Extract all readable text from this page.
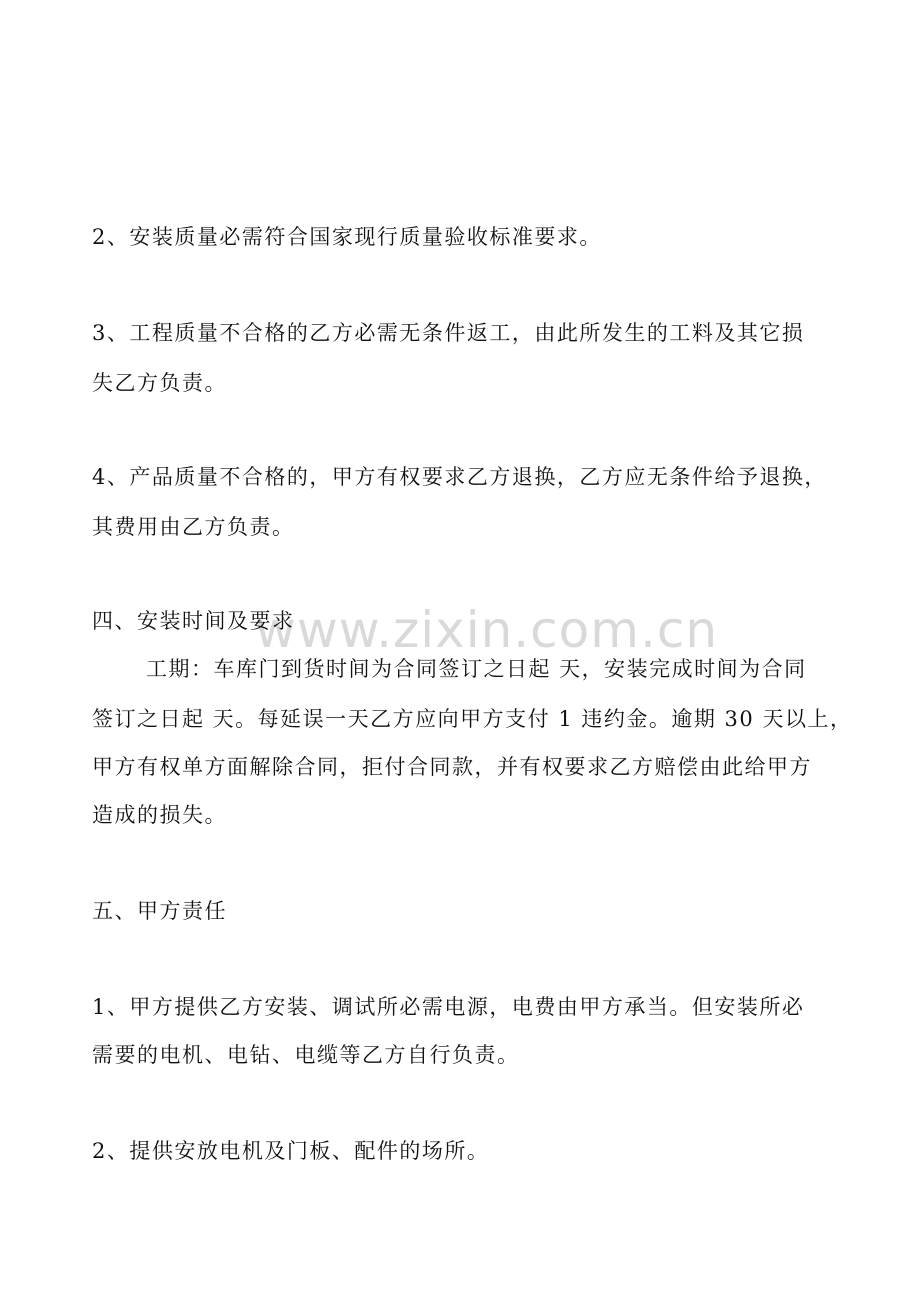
www.zixin.com.cn
2、安装质量必需符合国家现行质量验收标准要求。
3、工程质量不合格的乙方必需无条件返工，由此所发生的工料及其它损
失乙方负责。
4、产品质量不合格的，甲方有权要求乙方退换，乙方应无条件给予退换，
其费用由乙方负责。
四、安装时间及要求
工期：车库门到货时间为合同签订之日起 天，安装完成时间为合同
签订之日起 天。每延误一天乙方应向甲方支付 1 违约金。逾期 30 天以上，
甲方有权单方面解除合同，拒付合同款，并有权要求乙方赔偿由此给甲方
造成的损失。
五、甲方责任
1、甲方提供乙方安装、调试所必需电源，电费由甲方承当。但安装所必
需要的电机、电钻、电缆等乙方自行负责。
2、提供安放电机及门板、配件的场所。
